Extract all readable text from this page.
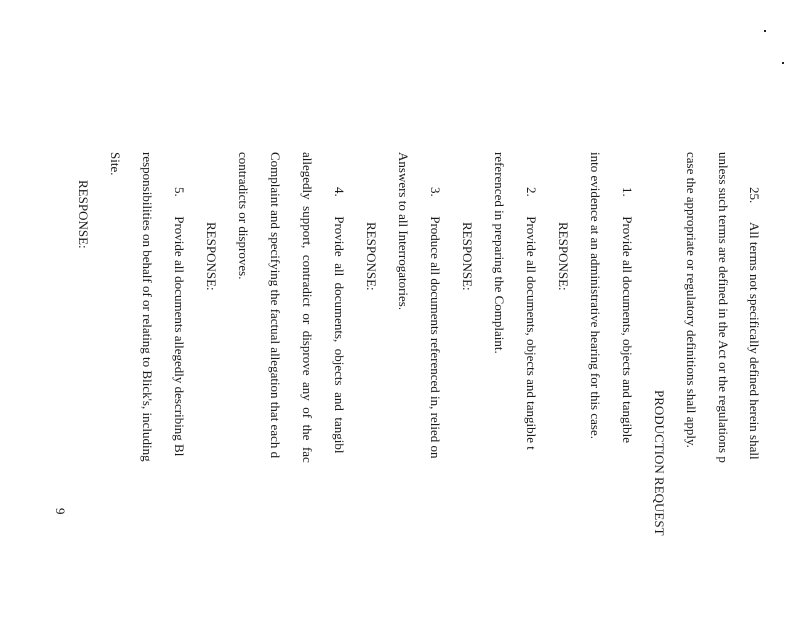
25.      All terms not specifically defined herein shall
unless such terms are defined in the Act or the regulations p
case the appropriate or regulatory definitions shall apply.
PRODUCTION REQUEST
1.      Provide all documents, objects and tangible
into evidence at an administrative hearing for this case.
RESPONSE:
2.      Provide all documents, objects and tangible t
referenced in preparing the Complaint.
RESPONSE:
3.      Produce all documents referenced in, relied on
Answers to all Interrogatories.
RESPONSE:
4.      Provide  all  documents,  objects  and  tangibl
allegedly  support,  contradict  or  disprove  any  of  the  fac
Complaint and specifying the factual allegation that each d
contradicts or disproves.
RESPONSE:
5.      Provide all documents allegedly describing Bl
responsibilities on behalf of or relating to Blick's, including
Site.
RESPONSE:
9
